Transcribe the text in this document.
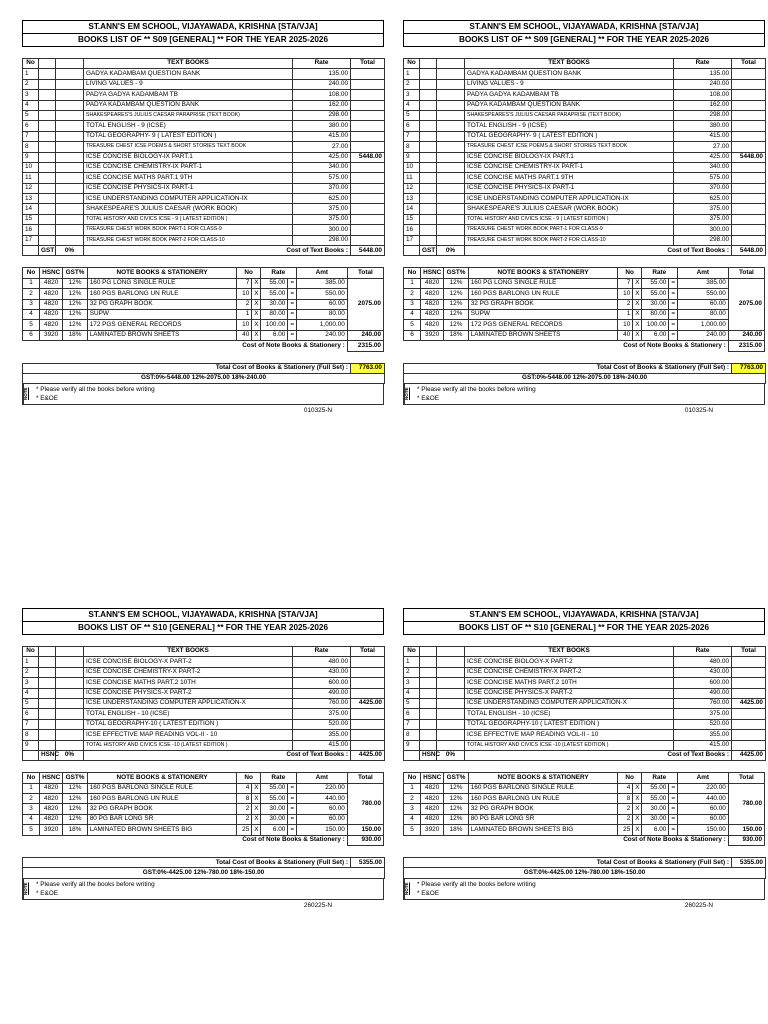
ST.ANN'S EM SCHOOL, VIJAYAWADA, KRISHNA [STA/VJA]
BOOKS LIST OF ** S09 [GENERAL] ** FOR THE YEAR 2025-2026
No			TEXT BOOKS	Rate	Total
1			GADYA KADAMBAM QUESTION BANK	135.00	
2			LIVING VALUES - 9	240.00	
3			PADYA GADYA KADAMBAM TB	108.00	
4			PADYA KADAMBAM QUESTION BANK	162.00	
5			SHAKESPEARES'S JULIUS CAESAR PARAPRISE (TEXT BOOK)	298.00	
6			TOTAL ENGLISH - 9 (ICSE)	380.00	
7			TOTAL GEOGRAPHY- 9 ( LATEST EDITION )	415.00	
8			TREASURE CHEST ICSE POEMS & SHORT STORIES TEXT BOOK	27.00	
9			ICSE CONCISE BIOLOGY-IX PART.1	425.00	5448.00
10			ICSE CONCISE CHEMISTRY-IX PART-1	340.00	
11			ICSE CONCISE MATHS PART.1 9TH	575.00	
12			ICSE CONCISE PHYSICS-IX PART-1	370.00	
13			ICSE UNDERSTANDING COMPUTER APPLICATION-IX	625.00	
14			SHAKESPEARE'S JULIUS CAESAR (WORK BOOK)	375.00	
15			TOTAL HISTORY AND CIVICS ICSE - 9 ( LATEST EDITION )	375.00	
16			TREASURE CHEST WORK BOOK PART-1 FOR CLASS-9	300.00	
17			TREASURE CHEST WORK BOOK PART-2 FOR CLASS-10	298.00	
	GST	0%	Cost of Text Books :		5448.00
No	HSNC	GST%	NOTE BOOKS & STATIONERY	No		Rate		Amt	Total
1	4820	12%	160 PG LONG SINGLE RULE	7	X	55.00	=	385.00	2075.00
2	4820	12%	160 PGS BARLONG UN RULE	10	X	55.00	=	550.00	
3	4820	12%	32 PG GRAPH BOOK	2	X	30.00	=	60.00	
4	4820	12%	SUPW	1	X	80.00	=	80.00	
5	4820	12%	172 PGS GENERAL RECORDS	10	X	100.00	=	1,000.00	
6	3920	18%	LAMINATED BROWN SHEETS	40	X	6.00	=	240.00	240.00
Cost of Note Books & Stationery :									2315.00
Total Cost of Books & Stationery (Full Set) :	7763.00
GST:0%-5448.00 12%-2075.00 18%-240.00
NOTE	* Please verify all the books before writing
* E&OE
010325-N
ST.ANN'S EM SCHOOL, VIJAYAWADA, KRISHNA [STA/VJA]
BOOKS LIST OF ** S09 [GENERAL] ** FOR THE YEAR 2025-2026
No			TEXT BOOKS	Rate	Total
1			GADYA KADAMBAM QUESTION BANK	135.00	
2			LIVING VALUES - 9	240.00	
3			PADYA GADYA KADAMBAM TB	108.00	
4			PADYA KADAMBAM QUESTION BANK	162.00	
5			SHAKESPEARES'S JULIUS CAESAR PARAPRISE (TEXT BOOK)	298.00	
6			TOTAL ENGLISH - 9 (ICSE)	380.00	
7			TOTAL GEOGRAPHY- 9 ( LATEST EDITION )	415.00	
8			TREASURE CHEST ICSE POEMS & SHORT STORIES TEXT BOOK	27.00	
9			ICSE CONCISE BIOLOGY-IX PART.1	425.00	5448.00
10			ICSE CONCISE CHEMISTRY-IX PART-1	340.00	
11			ICSE CONCISE MATHS PART.1 9TH	575.00	
12			ICSE CONCISE PHYSICS-IX PART-1	370.00	
13			ICSE UNDERSTANDING COMPUTER APPLICATION-IX	625.00	
14			SHAKESPEARE'S JULIUS CAESAR (WORK BOOK)	375.00	
15			TOTAL HISTORY AND CIVICS ICSE - 9 ( LATEST EDITION )	375.00	
16			TREASURE CHEST WORK BOOK PART-1 FOR CLASS-9	300.00	
17			TREASURE CHEST WORK BOOK PART-2 FOR CLASS-10	298.00	
	GST	0%	Cost of Text Books :		5448.00
No	HSNC	GST%	NOTE BOOKS & STATIONERY	No		Rate		Amt	Total
1	4820	12%	160 PG LONG SINGLE RULE	7	X	55.00	=	385.00	2075.00
2	4820	12%	160 PGS BARLONG UN RULE	10	X	55.00	=	550.00	
3	4820	12%	32 PG GRAPH BOOK	2	X	30.00	=	60.00	
4	4820	12%	SUPW	1	X	80.00	=	80.00	
5	4820	12%	172 PGS GENERAL RECORDS	10	X	100.00	=	1,000.00	
6	3920	18%	LAMINATED BROWN SHEETS	40	X	6.00	=	240.00	240.00
Cost of Note Books & Stationery :									2315.00
Total Cost of Books & Stationery (Full Set) :	7763.00
GST:0%-5448.00 12%-2075.00 18%-240.00
NOTE	* Please verify all the books before writing
* E&OE
010325-N
ST.ANN'S EM SCHOOL, VIJAYAWADA, KRISHNA [STA/VJA]
BOOKS LIST OF ** S10 [GENERAL] ** FOR THE YEAR 2025-2026
No			TEXT BOOKS	Rate	Total
1			ICSE CONCISE BIOLOGY-X PART-2	480.00	
2			ICSE CONCISE CHEMISTRY-X PART-2	430.00	
3			ICSE CONCISE MATHS PART.2 10TH	600.00	
4			ICSE CONCISE PHYSICS-X PART-2	490.00	
5			ICSE UNDERSTANDING COMPUTER APPLICATION-X	760.00	4425.00
6			TOTAL ENGLISH - 10 (ICSE)	375.00	
7			TOTAL GEOGRAPHY-10 ( LATEST EDITION )	520.00	
8			ICSE EFFECTIVE MAP READING VOL-II - 10	355.00	
9			TOTAL HISTORY AND CIVICS ICSE -10 (LATEST EDITION )	415.00	
	HSNC	0%	Cost of Text Books :		4425.00
No	HSNC	GST%	NOTE BOOKS & STATIONERY	No		Rate		Amt	Total
1	4820	12%	160 PGS BARLONG SINGLE RULE	4	X	55.00	=	220.00	780.00
2	4820	12%	160 PGS BARLONG UN RULE	8	X	55.00	=	440.00	
3	4820	12%	32 PG GRAPH BOOK	2	X	30.00	=	60.00	
4	4820	12%	80 PG BAR LONG SR	2	X	30.00	=	60.00	
5	3920	18%	LAMINATED BROWN SHEETS BIG	25	X	6.00	=	150.00	150.00
Cost of Note Books & Stationery :									930.00
Total Cost of Books & Stationery (Full Set) :	5355.00
GST:0%-4425.00 12%-780.00 18%-150.00
NOTE	* Please verify all the books before writing
* E&OE
260225-N
ST.ANN'S EM SCHOOL, VIJAYAWADA, KRISHNA [STA/VJA]
BOOKS LIST OF ** S10 [GENERAL] ** FOR THE YEAR 2025-2026
No			TEXT BOOKS	Rate	Total
1			ICSE CONCISE BIOLOGY-X PART-2	480.00	
2			ICSE CONCISE CHEMISTRY-X PART-2	430.00	
3			ICSE CONCISE MATHS PART.2 10TH	600.00	
4			ICSE CONCISE PHYSICS-X PART-2	490.00	
5			ICSE UNDERSTANDING COMPUTER APPLICATION-X	760.00	4425.00
6			TOTAL ENGLISH - 10 (ICSE)	375.00	
7			TOTAL GEOGRAPHY-10 ( LATEST EDITION )	520.00	
8			ICSE EFFECTIVE MAP READING VOL-II - 10	355.00	
9			TOTAL HISTORY AND CIVICS ICSE -10 (LATEST EDITION )	415.00	
	HSNC	0%	Cost of Text Books :		4425.00
No	HSNC	GST%	NOTE BOOKS & STATIONERY	No		Rate		Amt	Total
1	4820	12%	160 PGS BARLONG SINGLE RULE	4	X	55.00	=	220.00	780.00
2	4820	12%	160 PGS BARLONG UN RULE	8	X	55.00	=	440.00	
3	4820	12%	32 PG GRAPH BOOK	2	X	30.00	=	60.00	
4	4820	12%	80 PG BAR LONG SR	2	X	30.00	=	60.00	
5	3920	18%	LAMINATED BROWN SHEETS BIG	25	X	6.00	=	150.00	150.00
Cost of Note Books & Stationery :									930.00
Total Cost of Books & Stationery (Full Set) :	5355.00
GST:0%-4425.00 12%-780.00 18%-150.00
NOTE	* Please verify all the books before writing
* E&OE
260225-N
